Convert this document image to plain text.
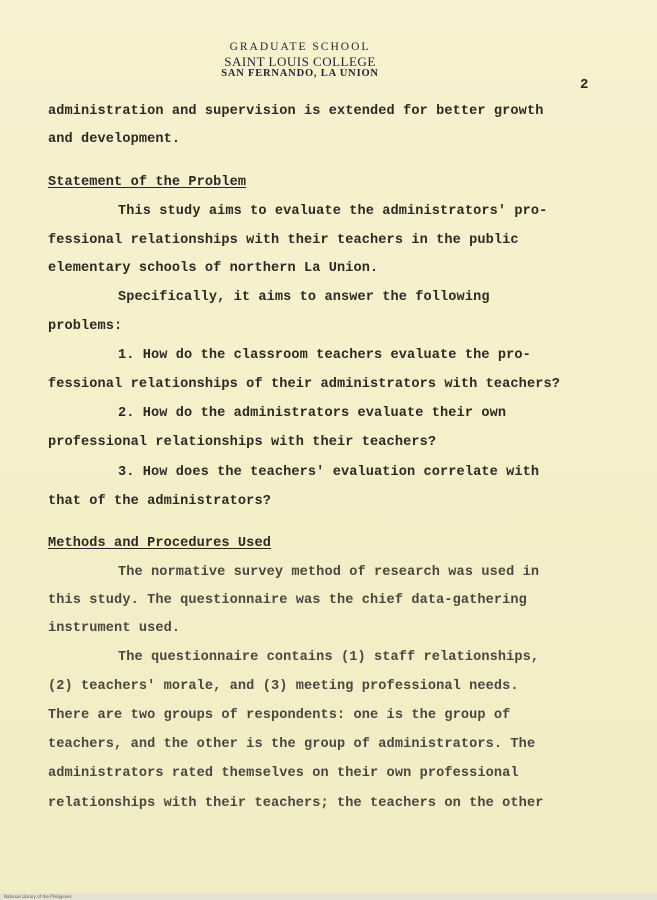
GRADUATE SCHOOL
SAINT LOUIS COLLEGE
SAN FERNANDO, LA UNION
2
administration and supervision is extended for better growth
and development.
Statement of the Problem
This study aims to evaluate the administrators' pro-
fessional relationships with their teachers in the public
elementary schools of northern La Union.
Specifically, it aims to answer the following
problems:
1. How do the classroom teachers evaluate the pro-
fessional relationships of their administrators with teachers?
2. How do the administrators evaluate their own
professional relationships with their teachers?
3. How does the teachers' evaluation correlate with
that of the administrators?
Methods and Procedures Used
The normative survey method of research was used in
this study. The questionnaire was the chief data-gathering
instrument used.
The questionnaire contains (1) staff relationships,
(2) teachers' morale, and (3) meeting professional needs.
There are two groups of respondents: one is the group of
teachers, and the other is the group of administrators. The
administrators rated themselves on their own professional
relationships with their teachers; the teachers on the other
National Library of the Philippines
